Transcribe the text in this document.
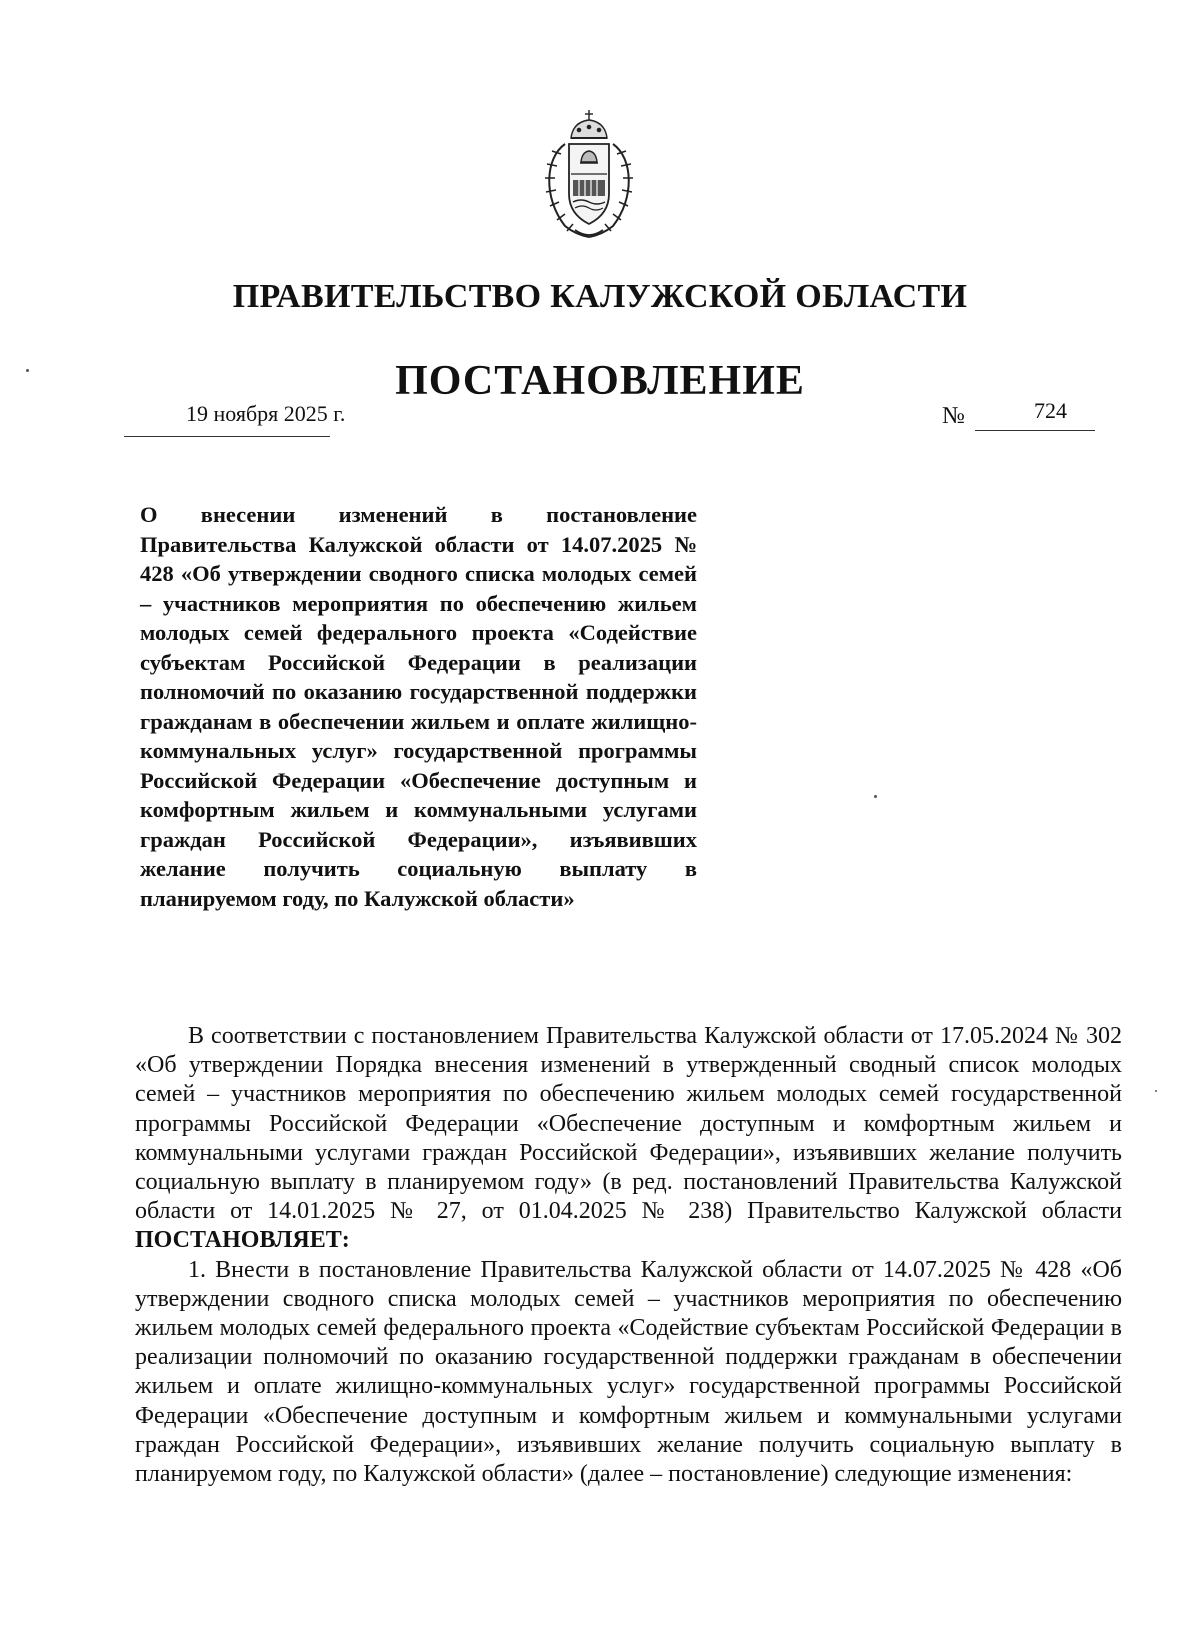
ПРАВИТЕЛЬСТВО КАЛУЖСКОЙ ОБЛАСТИ
ПОСТАНОВЛЕНИЕ
19 ноября 2025 г.	№	724
О внесении изменений в постановление Правительства Калужской области от 14.07.2025 № 428 «Об утверждении сводного списка молодых семей – участников мероприятия по обеспечению жильем молодых семей федерального проекта «Содействие субъектам Российской Федерации в реализации полномочий по оказанию государственной поддержки гражданам в обеспечении жильем и оплате жилищно-коммунальных услуг» государственной программы Российской Федерации «Обеспечение доступным и комфортным жильем и коммунальными услугами граждан Российской Федерации», изъявивших желание получить социальную выплату в планируемом году, по Калужской области»

В соответствии с постановлением Правительства Калужской области от 17.05.2024 № 302 «Об утверждении Порядка внесения изменений в утвержденный сводный список молодых семей – участников мероприятия по обеспечению жильем молодых семей государственной программы Российской Федерации «Обеспечение доступным и комфортным жильем и коммунальными услугами граждан Российской Федерации», изъявивших желание получить социальную выплату в планируемом году» (в ред. постановлений Правительства Калужской области от 14.01.2025 № 27, от 01.04.2025 № 238) Правительство Калужской области ПОСТАНОВЛЯЕТ:

1. Внести в постановление Правительства Калужской области от 14.07.2025 № 428 «Об утверждении сводного списка молодых семей – участников мероприятия по обеспечению жильем молодых семей федерального проекта «Содействие субъектам Российской Федерации в реализации полномочий по оказанию государственной поддержки гражданам в обеспечении жильем и оплате жилищно-коммунальных услуг» государственной программы Российской Федерации «Обеспечение доступным и комфортным жильем и коммунальными услугами граждан Российской Федерации», изъявивших желание получить социальную выплату в планируемом году, по Калужской области» (далее – постановление) следующие изменения:
